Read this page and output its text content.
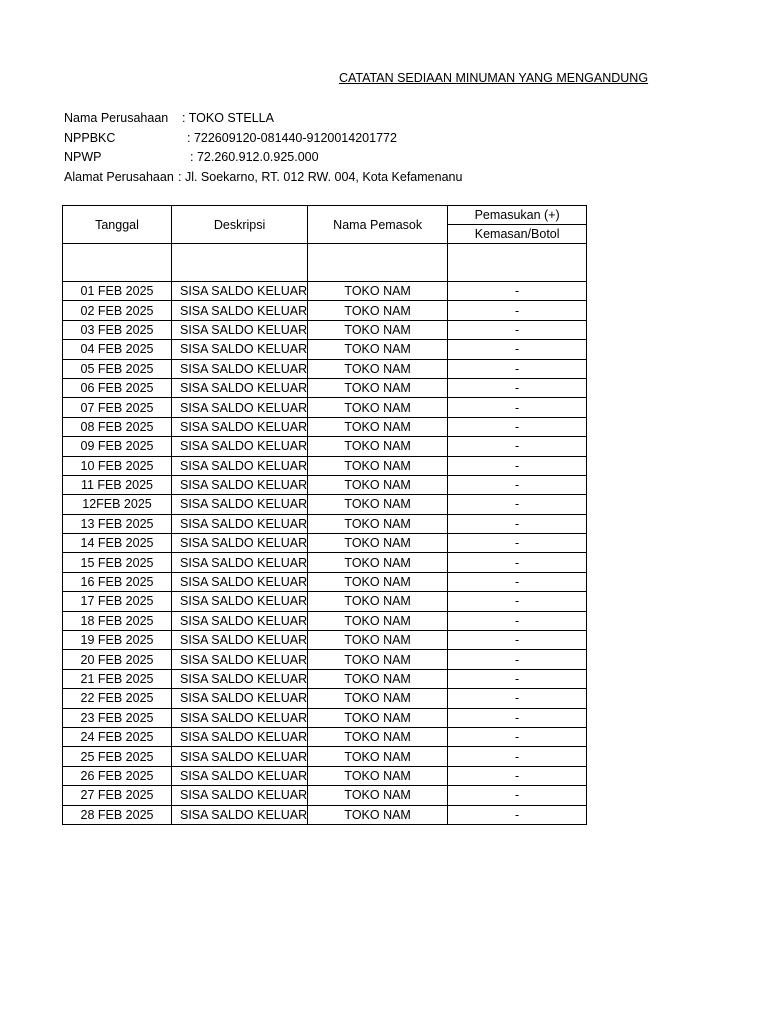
CATATAN SEDIAAN MINUMAN YANG MENGANDUNG
Nama Perusahaan : TOKO STELLA
NPPBKC	: 722609120-081440-9120014201772
NPWP	: 72.260.912.0.925.000
Alamat Perusahaan : Jl. Soekarno, RT. 012 RW. 004, Kota Kefamenanu
Tanggal	Deskripsi	Nama Pemasok	Pemasukan (+)
			Kemasan/Botol

01 FEB 2025	SISA SALDO KELUAR	TOKO NAM	-
02 FEB 2025	SISA SALDO KELUAR	TOKO NAM	-
03 FEB 2025	SISA SALDO KELUAR	TOKO NAM	-
04 FEB 2025	SISA SALDO KELUAR	TOKO NAM	-
05 FEB 2025	SISA SALDO KELUAR	TOKO NAM	-
06 FEB 2025	SISA SALDO KELUAR	TOKO NAM	-
07 FEB 2025	SISA SALDO KELUAR	TOKO NAM	-
08 FEB 2025	SISA SALDO KELUAR	TOKO NAM	-
09 FEB 2025	SISA SALDO KELUAR	TOKO NAM	-
10 FEB 2025	SISA SALDO KELUAR	TOKO NAM	-
11 FEB 2025	SISA SALDO KELUAR	TOKO NAM	-
12FEB 2025	SISA SALDO KELUAR	TOKO NAM	-
13 FEB 2025	SISA SALDO KELUAR	TOKO NAM	-
14 FEB 2025	SISA SALDO KELUAR	TOKO NAM	-
15 FEB 2025	SISA SALDO KELUAR	TOKO NAM	-
16 FEB 2025	SISA SALDO KELUAR	TOKO NAM	-
17 FEB 2025	SISA SALDO KELUAR	TOKO NAM	-
18 FEB 2025	SISA SALDO KELUAR	TOKO NAM	-
19 FEB 2025	SISA SALDO KELUAR	TOKO NAM	-
20 FEB 2025	SISA SALDO KELUAR	TOKO NAM	-
21 FEB 2025	SISA SALDO KELUAR	TOKO NAM	-
22 FEB 2025	SISA SALDO KELUAR	TOKO NAM	-
23 FEB 2025	SISA SALDO KELUAR	TOKO NAM	-
24 FEB 2025	SISA SALDO KELUAR	TOKO NAM	-
25 FEB 2025	SISA SALDO KELUAR	TOKO NAM	-
26 FEB 2025	SISA SALDO KELUAR	TOKO NAM	-
27 FEB 2025	SISA SALDO KELUAR	TOKO NAM	-
28 FEB 2025	SISA SALDO KELUAR	TOKO NAM	-
